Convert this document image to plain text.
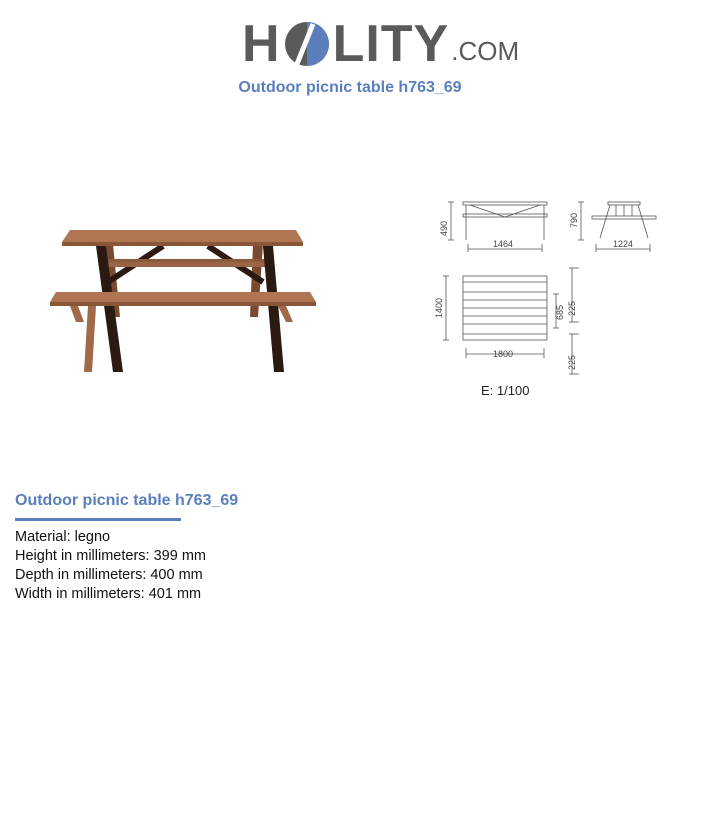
H LITY .COM
Outdoor picnic table h763_69
490
1464
790
1224
1400	685 225
1800
225
E: 1/100
Outdoor picnic table h763_69
Material: legno
Height in millimeters: 399 mm
Depth in millimeters: 400 mm
Width in millimeters: 401 mm
